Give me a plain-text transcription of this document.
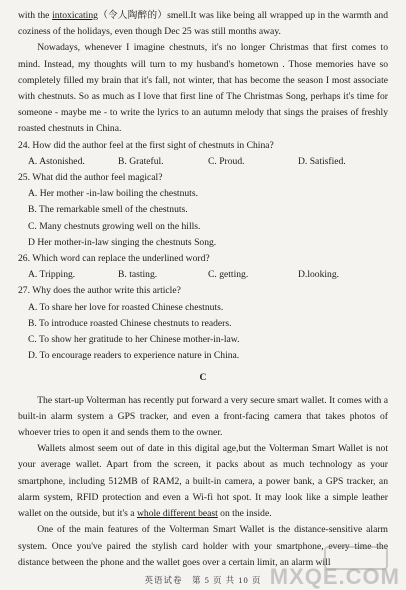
with the intoxicating（令人陶醉的）smell.It was like being all wrapped up in the warmth and coziness of the holidays, even though Dec 25 was still months away.

Nowadays, whenever I imagine chestnuts, it's no longer Christmas that first comes to mind. Instead, my thoughts will turn to my husband's hometown . Those memories have so completely filled my brain that it's fall, not winter, that has become the season I most associate with chestnuts. So as much as I love that first line of The Christmas Song, perhaps it's time for someone - maybe me - to write the lyrics to an autumn melody that sings the praises of freshly roasted chestnuts in China.

24. How did the author feel at the first sight of chestnuts in China?

A. Astonished.	B. Grateful.	C. Proud.	D. Satisfied.

25. What did the author feel magical?

A. Her mother -in-law boiling the chestnuts.
B. The remarkable smell of the chestnuts.
C. Many chestnuts growing well on the hills.
D Her mother-in-law singing the chestnuts Song.

26. Which word can replace the underlined word?

A. Tripping.	B. tasting.	C. getting.	D.looking.

27. Why does the author write this article?

A. To share her love for roasted Chinese chestnuts.
B. To introduce roasted Chinese chestnuts to readers.
C. To show her gratitude to her Chinese mother-in-law.
D. To encourage readers to experience nature in China.
C

The start-up Volterman has recently put forward a very secure smart wallet. It comes with a built-in alarm system a GPS tracker, and even a front-facing camera that takes photos of whoever tries to open it and sends them to the owner.

Wallets almost seem out of date in this digital age,but the Volterman Smart Wallet is not your average wallet. Apart from the screen, it packs about as much technology as your smartphone, including 512MB of RAM2, a built-in camera, a power bank, a GPS tracker, an alarm system, RFID protection and even a Wi-fi hot spot. It may look like a simple leather wallet on the outside, but it's a whole different beast on the inside.

One of the main features of the Volterman Smart Wallet is the distance-sensitive alarm system. Once you've paired the stylish card holder with your smartphone, every time the distance between the phone and the wallet goes over a certain limit, an alarm will

英语试卷　第 5 页 共 10 页 MXQE.COM
